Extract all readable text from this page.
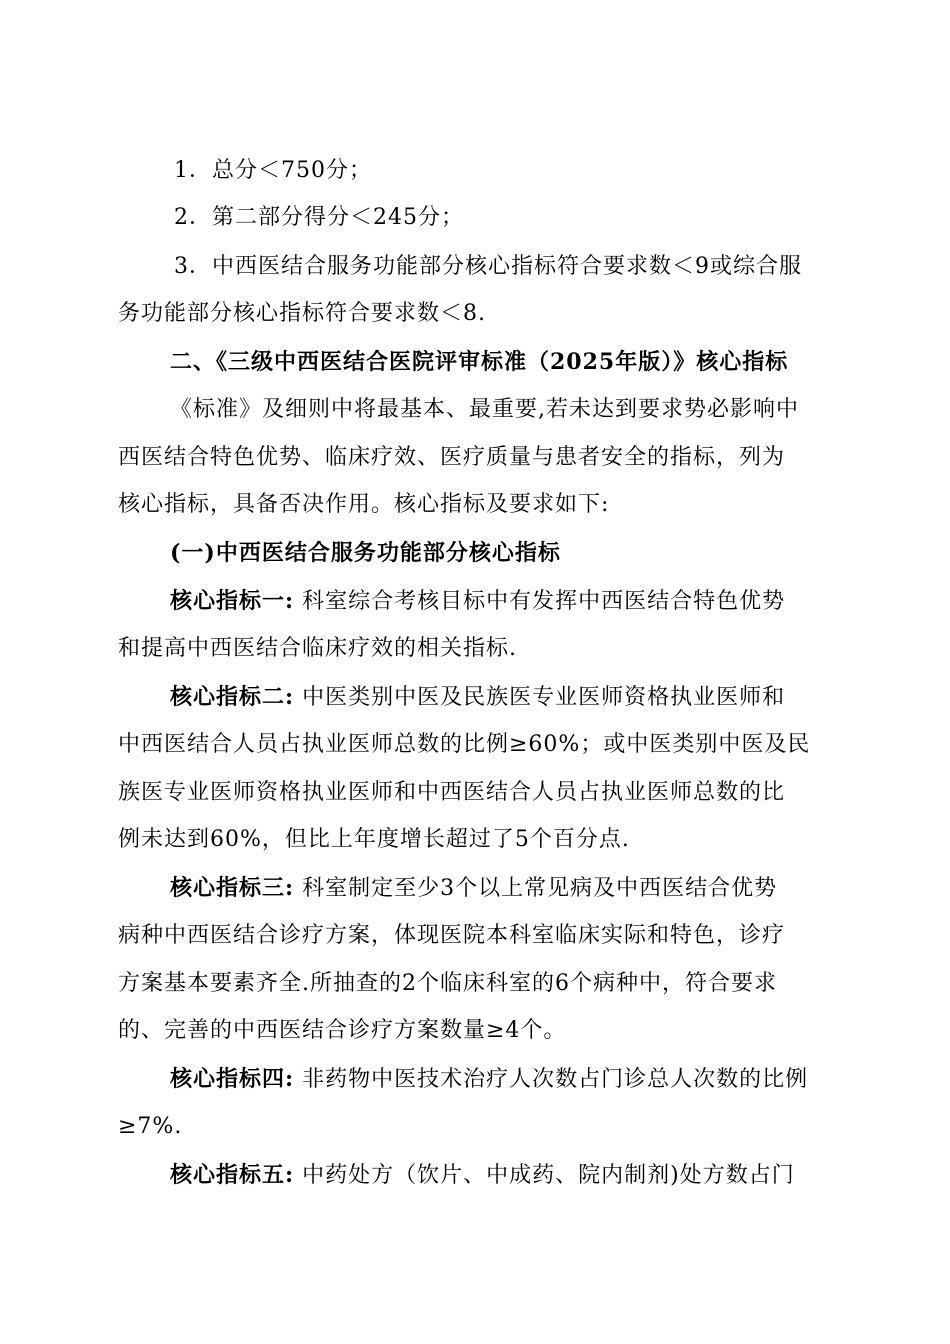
1．总分＜750分；
2．第二部分得分＜245分；
3．中西医结合服务功能部分核心指标符合要求数＜9或综合服
务功能部分核心指标符合要求数＜8.
二、《三级中西医结合医院评审标准（2025年版）》核心指标
《标准》及细则中将最基本、最重要,若未达到要求势必影响中
西医结合特色优势、临床疗效、医疗质量与患者安全的指标，列为
核心指标，具备否决作用。核心指标及要求如下:
(一)中西医结合服务功能部分核心指标
核心指标一: 科室综合考核目标中有发挥中西医结合特色优势
和提高中西医结合临床疗效的相关指标.
核心指标二: 中医类别中医及民族医专业医师资格执业医师和
中西医结合人员占执业医师总数的比例≥60%；或中医类别中医及民
族医专业医师资格执业医师和中西医结合人员占执业医师总数的比
例未达到60%，但比上年度增长超过了5个百分点.
核心指标三: 科室制定至少3个以上常见病及中西医结合优势
病种中西医结合诊疗方案，体现医院本科室临床实际和特色，诊疗
方案基本要素齐全.所抽查的2个临床科室的6个病种中，符合要求
的、完善的中西医结合诊疗方案数量≥4个。
核心指标四: 非药物中医技术治疗人次数占门诊总人次数的比例
≥7%.
核心指标五: 中药处方（饮片、中成药、院内制剂)处方数占门
